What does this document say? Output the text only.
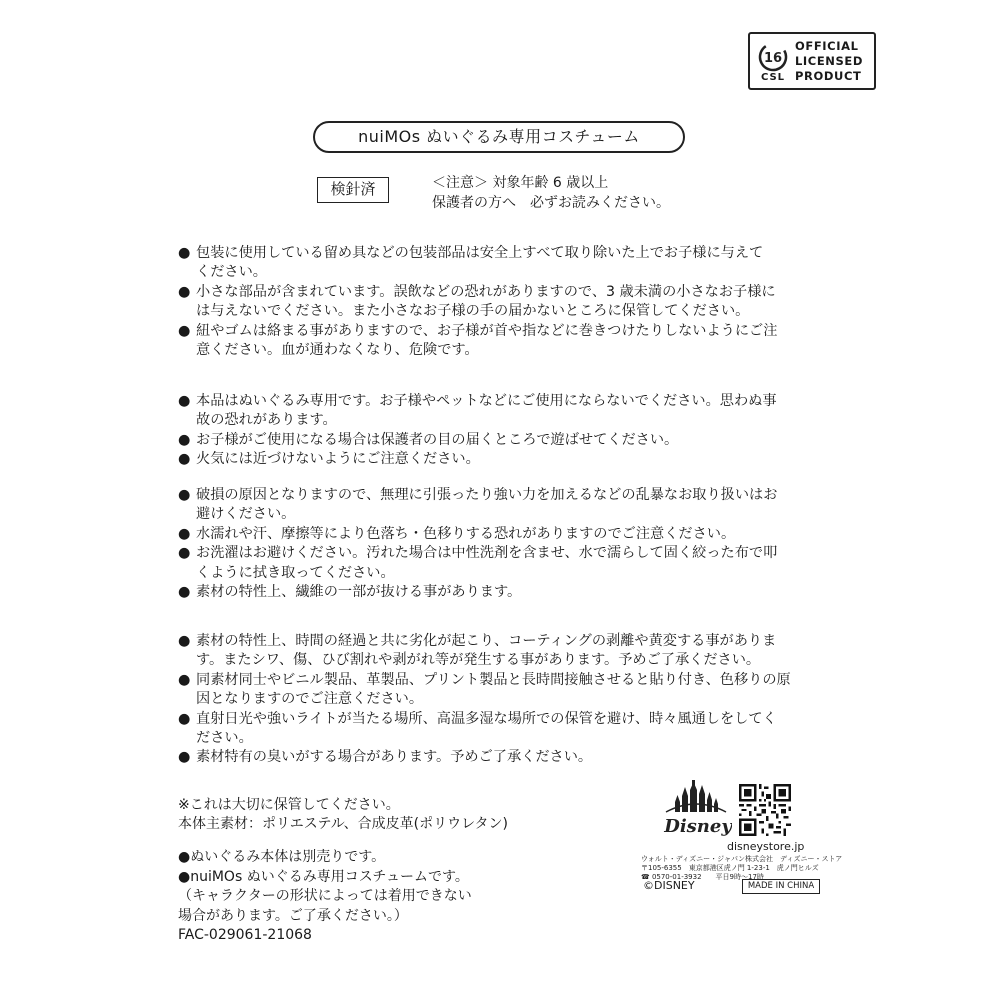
16
CSL
OFFICIAL
LICENSED
PRODUCT
nuiMOs ぬいぐるみ専用コスチューム
検針済	＜注意＞ 対象年齢 6 歳以上
保護者の方へ　必ずお読みください。
● 包装に使用している留め具などの包装部品は安全上すべて取り除いた上でお子様に与えて
ください。
● 小さな部品が含まれています。誤飲などの恐れがありますので、3 歳未満の小さなお子様に
は与えないでください。また小さなお子様の手の届かないところに保管してください。
● 紐やゴムは絡まる事がありますので、お子様が首や指などに巻きつけたりしないようにご注
意ください。血が通わなくなり、危険です。
● 本品はぬいぐるみ専用です。お子様やペットなどにご使用にならないでください。思わぬ事
故の恐れがあります。
● お子様がご使用になる場合は保護者の目の届くところで遊ばせてください。
● 火気には近づけないようにご注意ください。
● 破損の原因となりますので、無理に引張ったり強い力を加えるなどの乱暴なお取り扱いはお
避けください。
● 水濡れや汗、摩擦等により色落ち・色移りする恐れがありますのでご注意ください。
● お洗濯はお避けください。汚れた場合は中性洗剤を含ませ、水で濡らして固く絞った布で叩
くように拭き取ってください。
● 素材の特性上、繊維の一部が抜ける事があります。
● 素材の特性上、時間の経過と共に劣化が起こり、コーティングの剥離や黄変する事がありま
す。またシワ、傷、ひび割れや剥がれ等が発生する事があります。予めご了承ください。
● 同素材同士やビニル製品、革製品、プリント製品と長時間接触させると貼り付き、色移りの原
因となりますのでご注意ください。
● 直射日光や強いライトが当たる場所、高温多湿な場所での保管を避け、時々風通しをしてく
ださい。
● 素材特有の臭いがする場合があります。予めご了承ください。
※これは大切に保管してください。
本体主素材：ポリエステル、合成皮革(ポリウレタン)
●ぬいぐるみ本体は別売りです。
●nuiMOs ぬいぐるみ専用コスチュームです。
（キャラクターの形状によっては着用できない
場合があります。ご了承ください。）
FAC-029061-21068
Disney
disneystore.jp
ウォルト・ディズニー・ジャパン株式会社　ディズニー・ストア
〒105-6355　東京都港区虎ノ門 1-23-1　虎ノ門ヒルズ
☎ 0570-01-3932　　平日9時〜17時
©DISNEY	MADE IN CHINA
